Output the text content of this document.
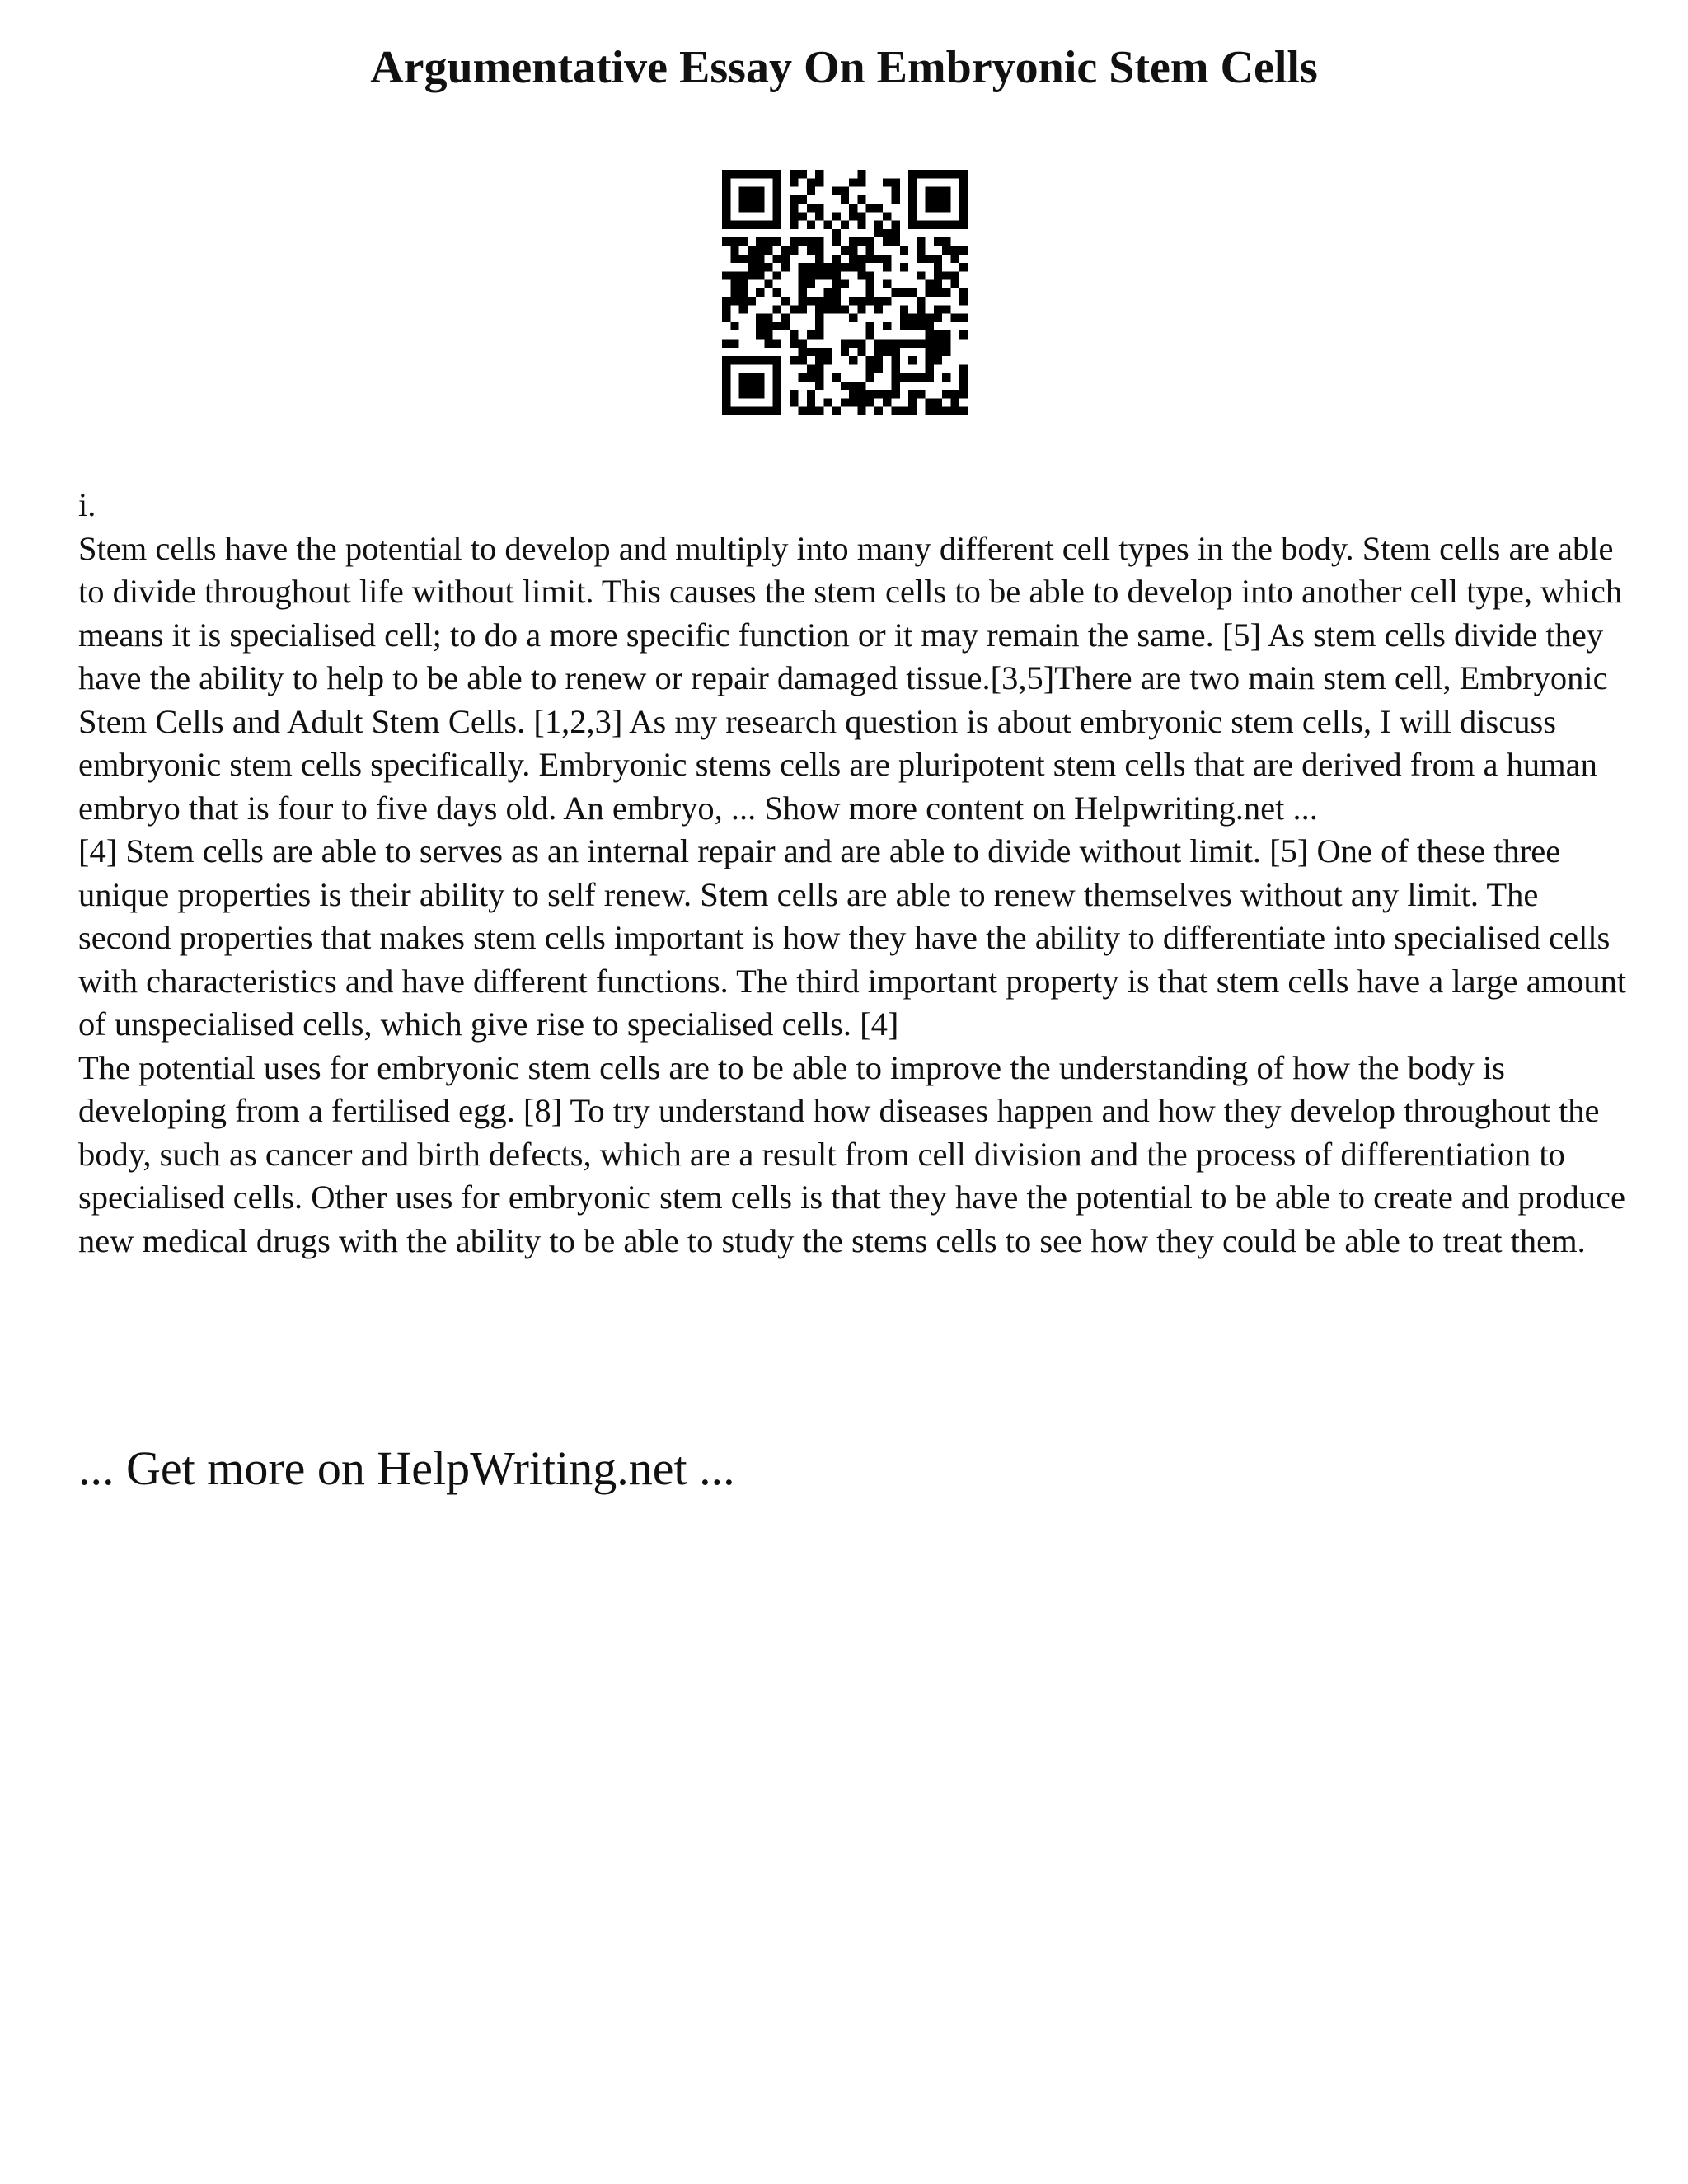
Argumentative Essay On Embryonic Stem Cells

i.

Stem cells have the potential to develop and multiply into many different cell types in the body. Stem cells are able to divide throughout life without limit. This causes the stem cells to be able to develop into another cell type, which means it is specialised cell; to do a more specific function or it may remain the same. [5] As stem cells divide they have the ability to help to be able to renew or repair damaged tissue.[3,5]There are two main stem cell, Embryonic Stem Cells and Adult Stem Cells. [1,2,3] As my research question is about embryonic stem cells, I will discuss embryonic stem cells specifically. Embryonic stems cells are pluripotent stem cells that are derived from a human embryo that is four to five days old. An embryo, ... Show more content on Helpwriting.net ...

[4] Stem cells are able to serves as an internal repair and are able to divide without limit. [5] One of these three unique properties is their ability to self renew. Stem cells are able to renew themselves without any limit. The second properties that makes stem cells important is how they have the ability to differentiate into specialised cells with characteristics and have different functions. The third important property is that stem cells have a large amount of unspecialised cells, which give rise to specialised cells. [4]

The potential uses for embryonic stem cells are to be able to improve the understanding of how the body is developing from a fertilised egg. [8] To try understand how diseases happen and how they develop throughout the body, such as cancer and birth defects, which are a result from cell division and the process of differentiation to specialised cells. Other uses for embryonic stem cells is that they have the potential to be able to create and produce new medical drugs with the ability to be able to study the stems cells to see how they could be able to treat them.

... Get more on HelpWriting.net ...
